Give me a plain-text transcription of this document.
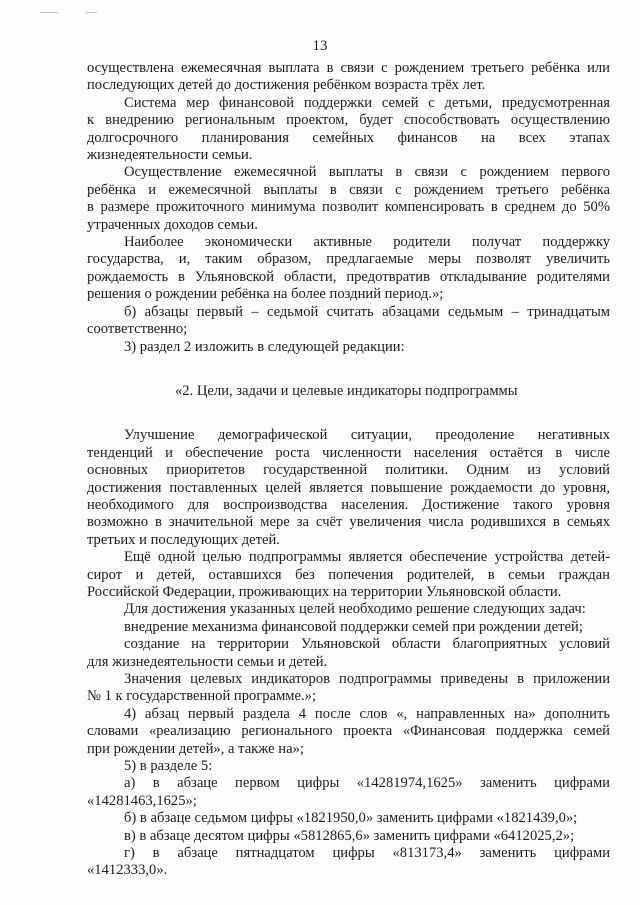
13
осуществлена ежемесячная выплата в связи с рождением третьего ребёнка или
последующих детей до достижения ребёнком возраста трёх лет.
Система мер финансовой поддержки семей с детьми, предусмотренная
к внедрению региональным проектом, будет способствовать осуществлению
долгосрочного планирования семейных финансов на всех этапах
жизнедеятельности семьи.
Осуществление ежемесячной выплаты в связи с рождением первого
ребёнка и ежемесячной выплаты в связи с рождением третьего ребёнка
в размере прожиточного минимума позволит компенсировать в среднем до 50%
утраченных доходов семьи.
Наиболее экономически активные родители получат поддержку
государства, и, таким образом, предлагаемые меры позволят увеличить
рождаемость в Ульяновской области, предотвратив откладывание родителями
решения о рождении ребёнка на более поздний период.»;
б) абзацы первый – седьмой считать абзацами седьмым – тринадцатым
соответственно;
3) раздел 2 изложить в следующей редакции:
«2. Цели, задачи и целевые индикаторы подпрограммы
Улучшение демографической ситуации, преодоление негативных
тенденций и обеспечение роста численности населения остаётся в числе
основных приоритетов государственной политики. Одним из условий
достижения поставленных целей является повышение рождаемости до уровня,
необходимого для воспроизводства населения. Достижение такого уровня
возможно в значительной мере за счёт увеличения числа родившихся в семьях
третьих и последующих детей.
Ещё одной целью подпрограммы является обеспечение устройства детей-
сирот и детей, оставшихся без попечения родителей, в семьи граждан
Российской Федерации, проживающих на территории Ульяновской области.
Для достижения указанных целей необходимо решение следующих задач:
внедрение механизма финансовой поддержки семей при рождении детей;
создание на территории Ульяновской области благоприятных условий
для жизнедеятельности семьи и детей.
Значения целевых индикаторов подпрограммы приведены в приложении
№ 1 к государственной программе.»;
4) абзац первый раздела 4 после слов «, направленных на» дополнить
словами «реализацию регионального проекта «Финансовая поддержка семей
при рождении детей», а также на»;
5) в разделе 5:
а) в абзаце первом цифры «14281974,1625» заменить цифрами
«14281463,1625»;
б) в абзаце седьмом цифры «1821950,0» заменить цифрами «1821439,0»;
в) в абзаце десятом цифры «5812865,6» заменить цифрами «6412025,2»;
г) в абзаце пятнадцатом цифры «813173,4» заменить цифрами
«1412333,0».
